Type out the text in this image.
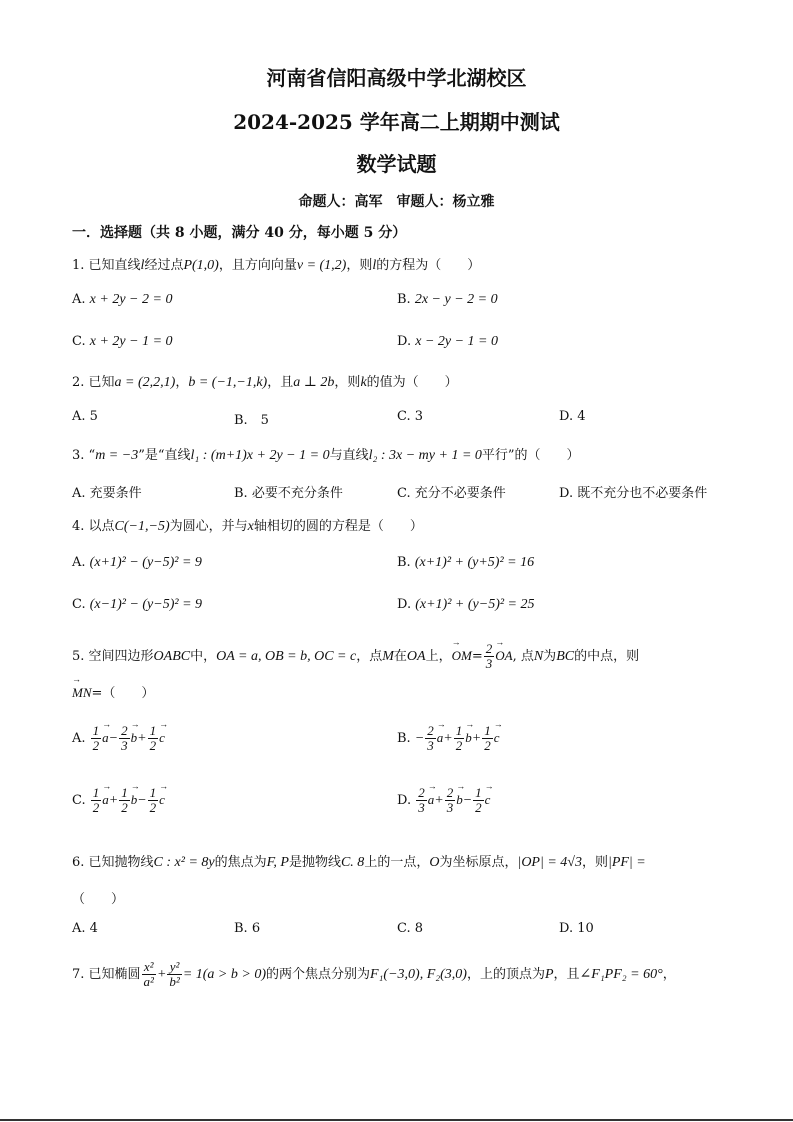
河南省信阳高级中学北湖校区
2024-2025 学年高二上期期中测试
数学试题
命题人：高军　审题人：杨立雅
一．选择题（共 8 小题，满分 40 分，每小题 5 分）
1. 已知直线l经过点P(1,0)，且方向向量v = (1,2)，则l的方程为（　　）
A. x + 2y − 2 = 0	B. 2x − y − 2 = 0
C. x + 2y − 1 = 0	D. x − 2y − 1 = 0
2. 已知a = (2,2,1)，b = (−1,−1,k)，且a ⊥ 2b，则k的值为（　　）
A. 5	B.　5	C. 3	D. 4
3. “m = −3”是“直线l₁ : (m+1)x + 2y − 1 = 0与直线l₂ : 3x − my + 1 = 0平行”的（　　）
A. 充要条件	B. 必要不充分条件	C. 充分不必要条件	D. 既不充分也不必要条件
4. 以点C(−1,−5)为圆心，并与x轴相切的圆的方程是（　　）
A. (x+1)² − (y−5)² = 9	B. (x+1)² + (y+5)² = 16
C. (x−1)² − (y−5)² = 9	D. (x+1)² + (y−5)² = 25
5. 空间四边形OABC中，OA = a, OB = b, OC = c，点M在OA上，→ $OM= \frac{2}{3}$
→ OA, 点N为BC的中点，则
→ MN=（　　）
A. $\frac{1}{2}$
→ $a- \frac{2}{3}$
→ $b+ \frac{1}{2}$
→ c	B. − $\frac{2}{3}$
→ $a+ \frac{1}{2}$
→ $b+ \frac{1}{2}$
→ c
C. $\frac{1}{2}$
→ $a+ \frac{1}{2}$
→ $b- \frac{1}{2}$
→ c	D. $\frac{2}{3}$
→ $a+ \frac{2}{3}$
→ $b- \frac{1}{2}$
→ c
6. 已知抛物线C : x² = 8y的焦点为F, P是抛物线C. 8上的一点，O为坐标原点，|OP| = 4√3，则|PF| =
（　　）
A. 4	B. 6	C. 8	D. 10
7. 已知椭圆 $\frac{\text{x²}}{\text{a²}} + \frac{\text{y²}}{\text{b²}} = 1(a > b > 0)$的两个焦点分别为F₁(−3,0), F₂(3,0)，上的顶点为P，且∠F₁PF₂ = 60°，
